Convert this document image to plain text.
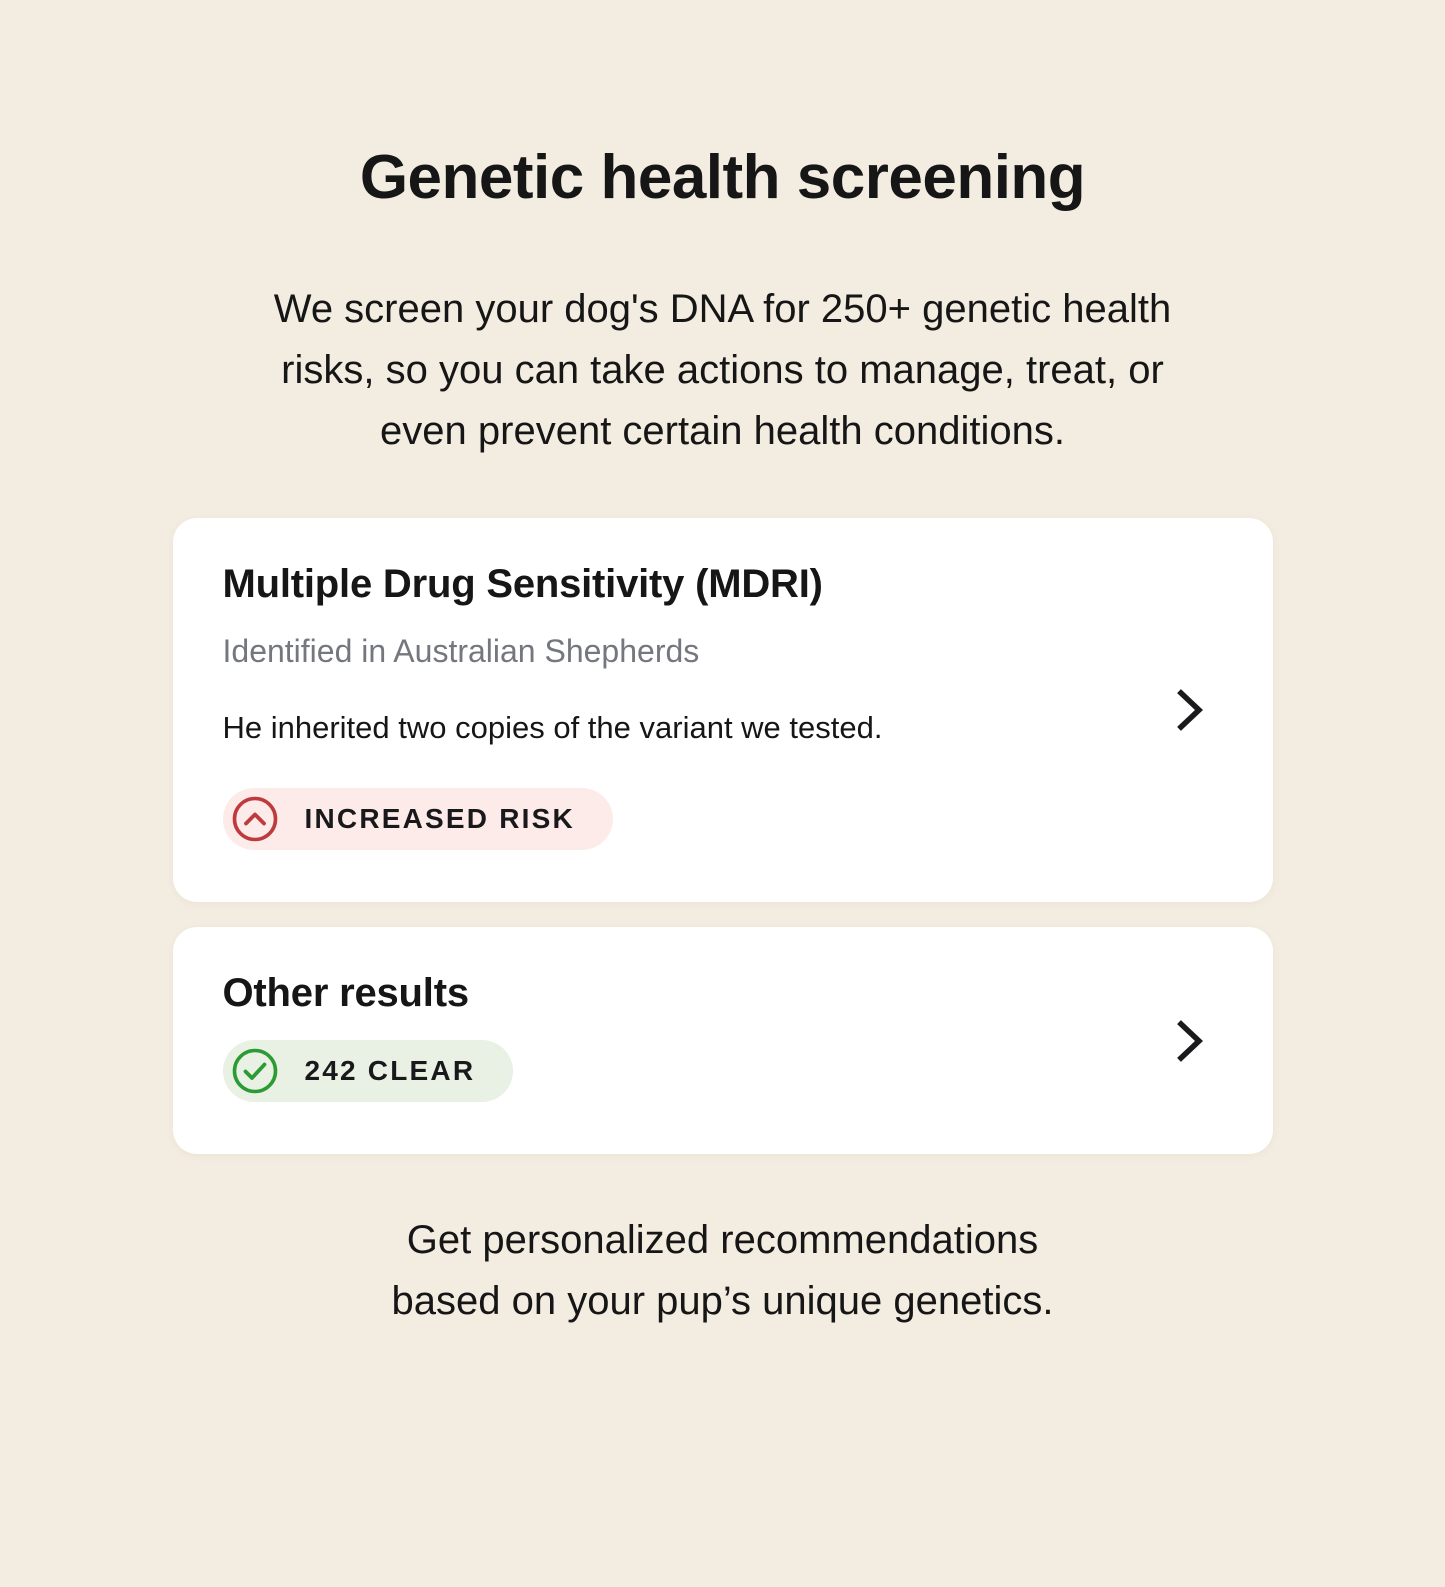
Genetic health screening
We screen your dog's DNA for 250+ genetic health
risks, so you can take actions to manage, treat, or
even prevent certain health conditions.
Multiple Drug Sensitivity (MDRI)
Identified in Australian Shepherds
He inherited two copies of the variant we tested.
INCREASED RISK
Other results
242 CLEAR
Get personalized recommendations
based on your pup’s unique genetics.
